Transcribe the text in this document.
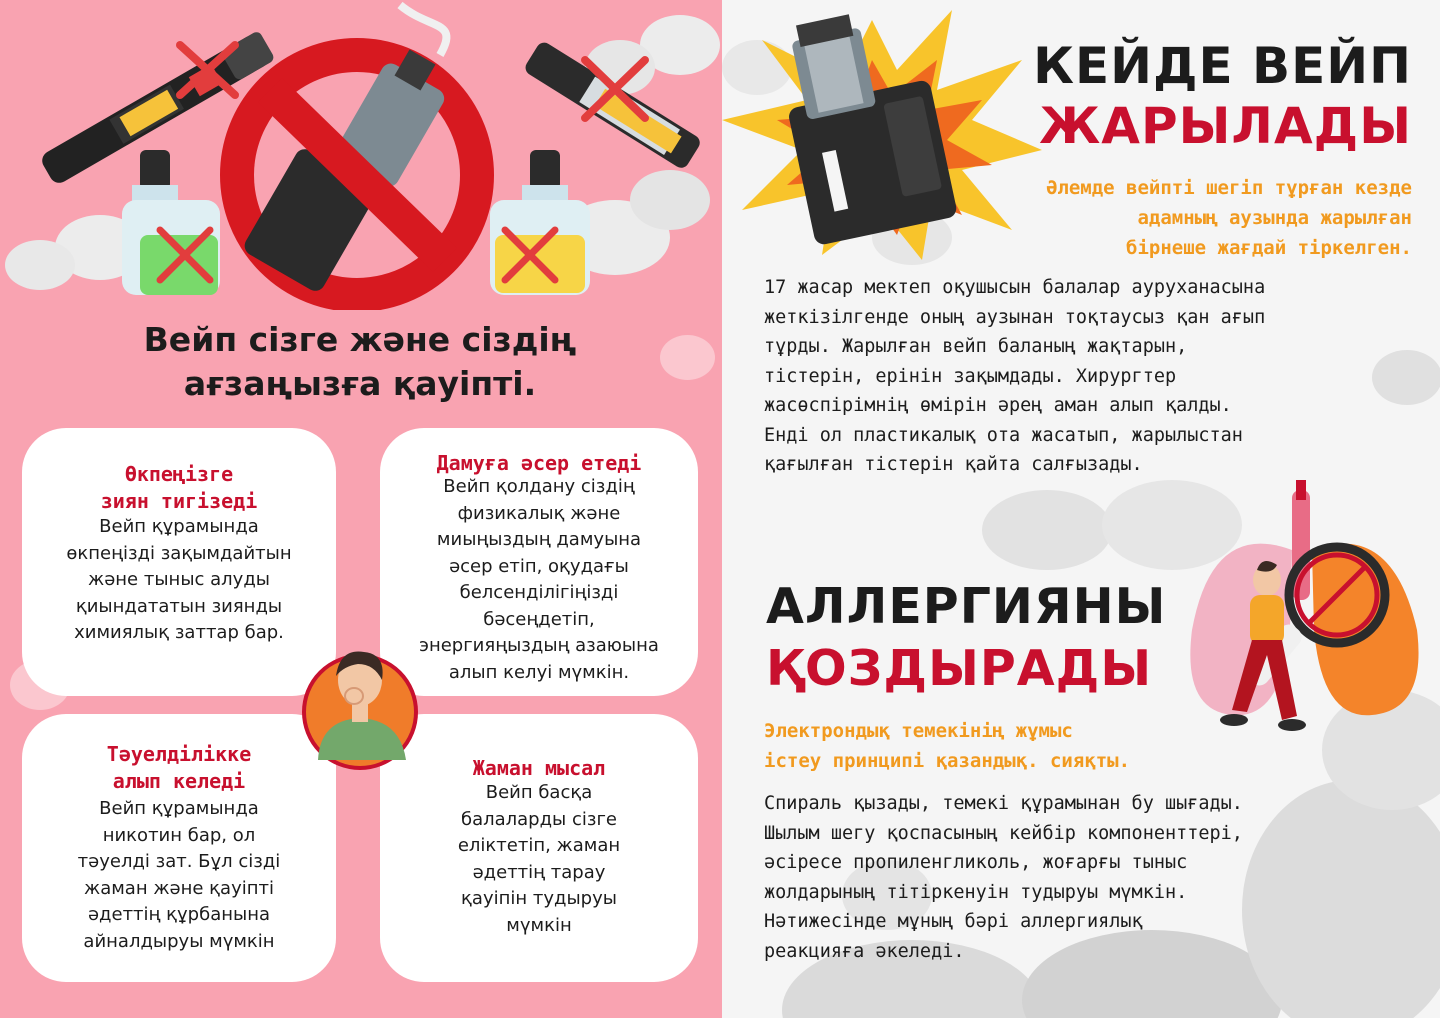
Вейп сізге және сіздің
ағзаңызға қауіпті.
Өкпеңізге
зиян тигізеді
Вейп құрамында
өкпеңізді зақымдайтын
және тыныс алуды
қиындататын зиянды
химиялық заттар бар.
Дамуға әсер етеді
Вейп қолдану сіздің
физикалық және
миыңыздың дамуына
әсер етіп, оқудағы
белсенділігіңізді
бәсеңдетіп,
энергияңыздың азаюына
алып келуі мүмкін.
Тәуелділікке
алып келеді
Вейп құрамында
никотин бар, ол
тәуелді зат. Бұл сізді
жаман және қауіпті
әдеттің құрбанына
айналдыруы мүмкін
Жаман мысал
Вейп басқа
балаларды сізге
еліктетіп, жаман
әдеттің тарау
қауіпін тудыруы
мүмкін
КЕЙДЕ ВЕЙП
ЖАРЫЛАДЫ
Әлемде вейпті шегіп тұрған кезде
адамның аузында жарылған
бірнеше жағдай тіркелген.
17 жасар мектеп оқушысын балалар ауруханасына
жеткізілгенде оның аузынан тоқтаусыз қан ағып
тұрды. Жарылған вейп баланың жақтарын,
тістерін, ерінін зақымдады. Хирургтер
жасөспірімнің өмірін әрең аман алып қалды.
Енді ол пластикалық ота жасатып, жарылыстан
қағылған тістерін қайта салғызады.
АЛЛЕРГИЯНЫ
ҚОЗДЫРАДЫ
Электрондық темекінің жұмыс
істеу принципі қазандық. сияқты.
Спираль қызады, темекі құрамынан бу шығады.
Шылым шегу қоспасының кейбір компоненттері,
әсіресе пропиленгликоль, жоғарғы тыныс
жолдарының тітіркенуін тудыруы мүмкін.
Нәтижесінде мұның бәрі аллергиялық
реакцияға әкеледі.
